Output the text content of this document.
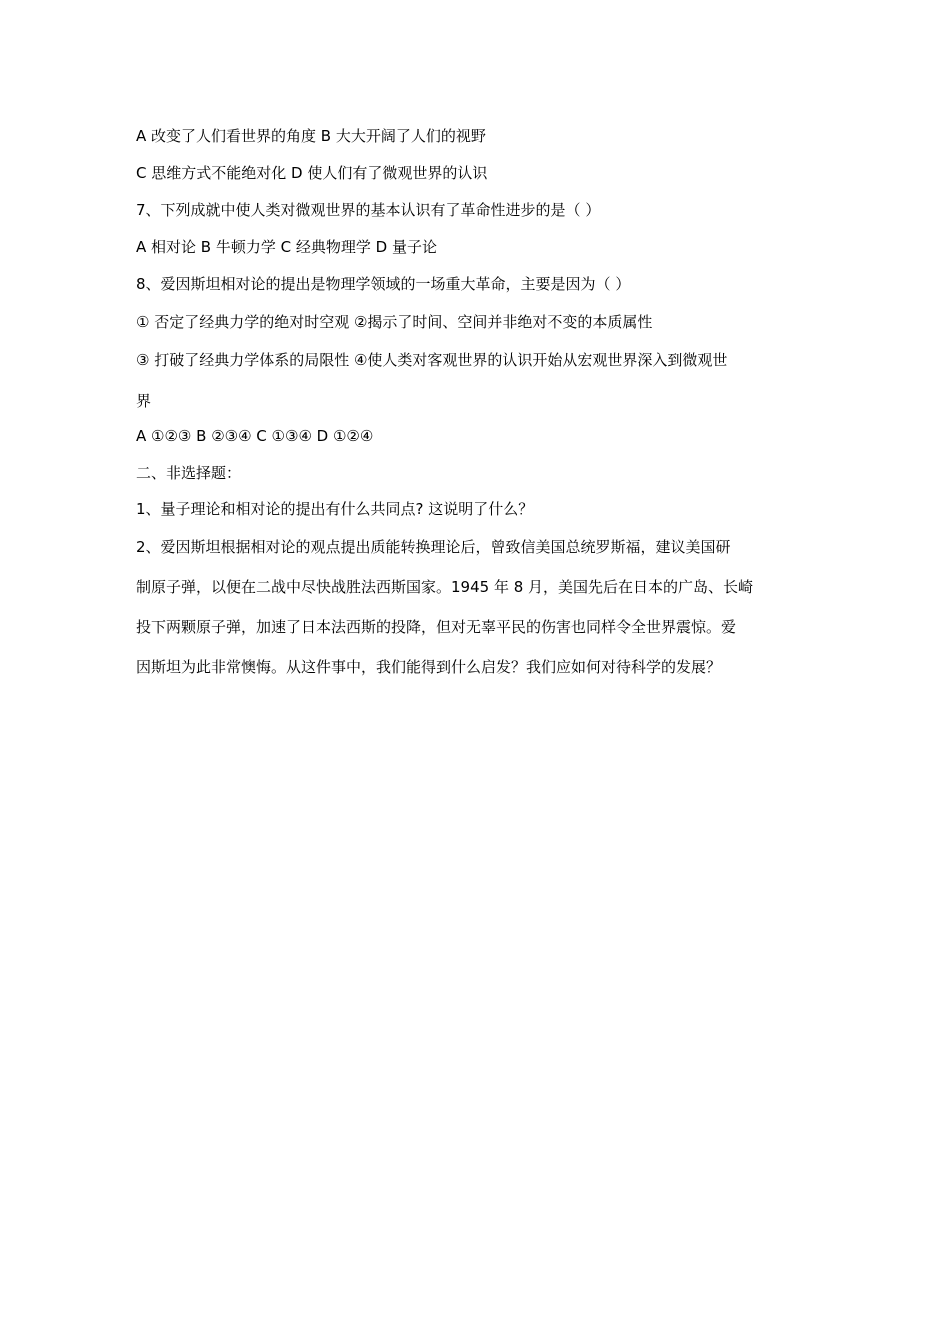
A 改变了人们看世界的角度 B 大大开阔了人们的视野
C 思维方式不能绝对化 D 使人们有了微观世界的认识
7、下列成就中使人类对微观世界的基本认识有了革命性进步的是（ ）
A 相对论 B 牛顿力学 C 经典物理学 D 量子论
8、爱因斯坦相对论的提出是物理学领域的一场重大革命，主要是因为（ ）
① 否定了经典力学的绝对时空观 ②揭示了时间、空间并非绝对不变的本质属性
③ 打破了经典力学体系的局限性 ④使人类对客观世界的认识开始从宏观世界深入到微观世
界
A ①②③ B ②③④ C ①③④ D ①②④
二、非选择题：
1、量子理论和相对论的提出有什么共同点? 这说明了什么？
2、爱因斯坦根据相对论的观点提出质能转换理论后，曾致信美国总统罗斯福，建议美国研
制原子弹，以便在二战中尽快战胜法西斯国家。1945 年 8 月，美国先后在日本的广岛、长崎
投下两颗原子弹，加速了日本法西斯的投降，但对无辜平民的伤害也同样令全世界震惊。爱
因斯坦为此非常懊悔。从这件事中，我们能得到什么启发？我们应如何对待科学的发展？
